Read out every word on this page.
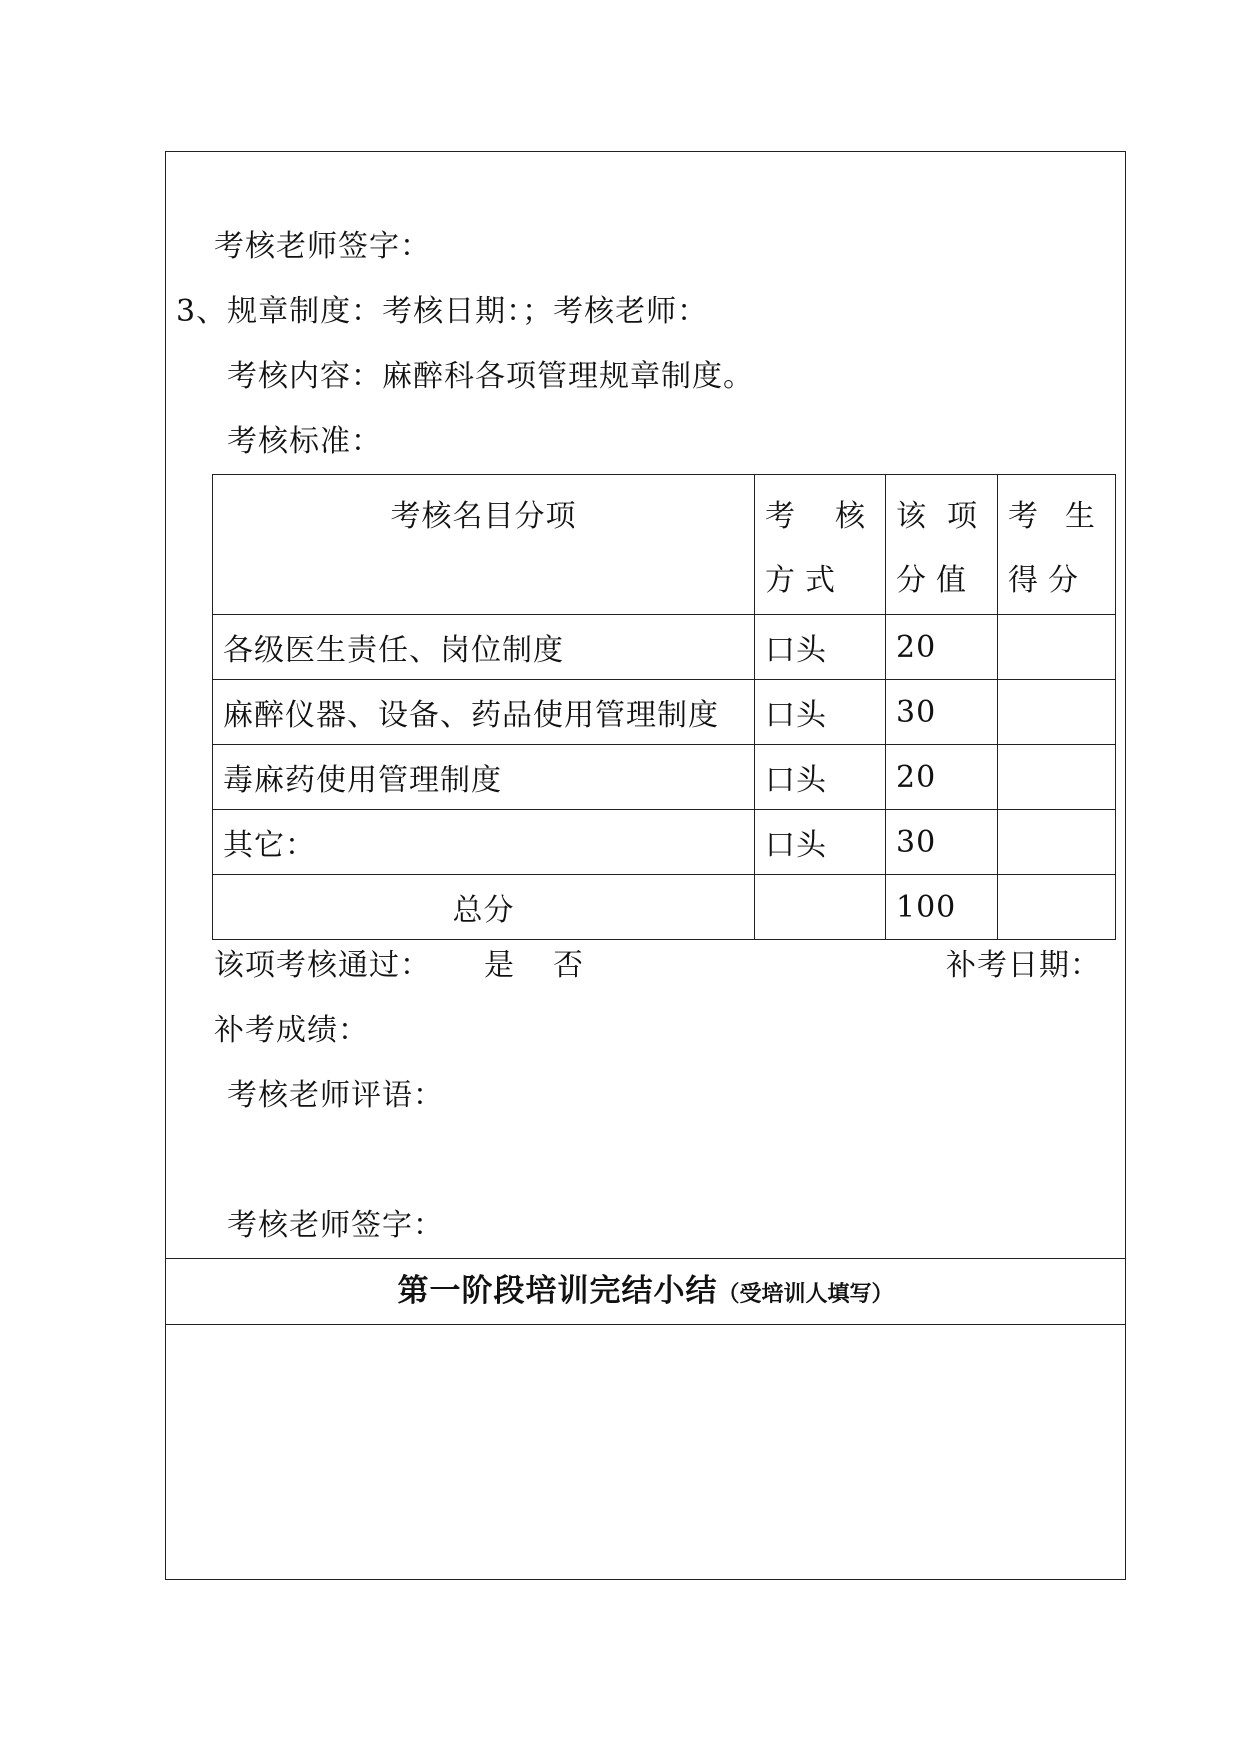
考核老师签字：
3、规章制度：考核日期：；考核老师：
考核内容：麻醉科各项管理规章制度。
考核标准：
考核名目分项	考核方式	该项分值	考生得分

各级医生责任、岗位制度	口头	20	
麻醉仪器、设备、药品使用管理制度	口头	30	
毒麻药使用管理制度	口头	20	
其它：	口头	30	
总分		100	
该项考核通过： 是 否	补考日期：
补考成绩：
考核老师评语：
考核老师签字：
第一阶段培训完结小结（受培训人填写）
